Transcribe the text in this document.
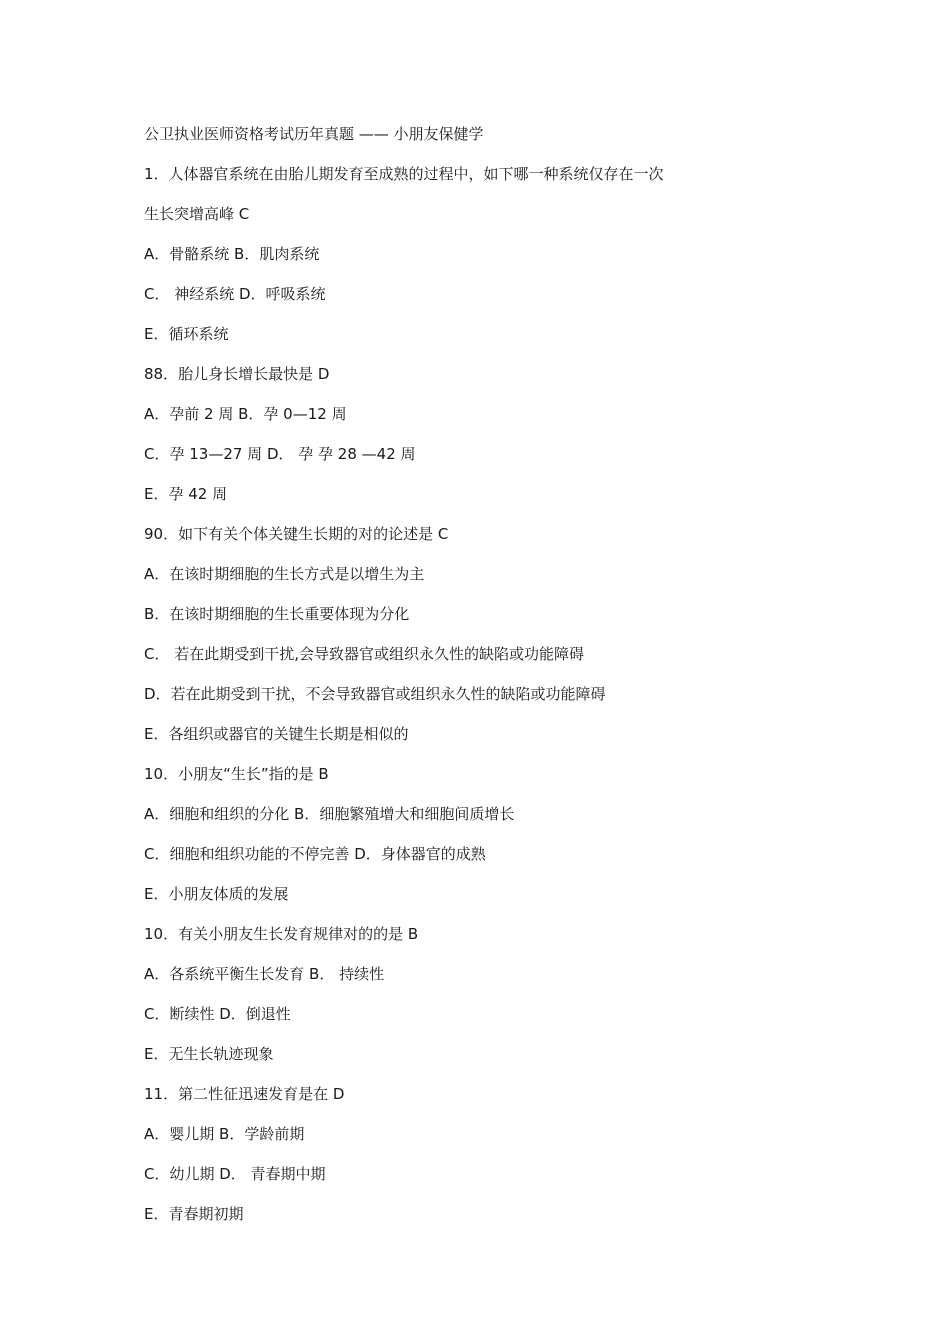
公卫执业医师资格考试历年真题 —— 小朋友保健学
1．人体器官系统在由胎儿期发育至成熟的过程中，如下哪一种系统仅存在一次
生长突增高峰 C
A．骨骼系统 B．肌肉系统
C． 神经系统 D．呼吸系统
E．循环系统
88．胎儿身长增长最快是 D
A．孕前 2 周 B．孕 0—12 周
C．孕 13—27 周 D． 孕 孕 28 —42 周
E．孕 42 周
90．如下有关个体关键生长期的对的论述是 C
A．在该时期细胞的生长方式是以增生为主
B．在该时期细胞的生长重要体现为分化
C． 若在此期受到干扰,会导致器官或组织永久性的缺陷或功能障碍
D．若在此期受到干扰，不会导致器官或组织永久性的缺陷或功能障碍
E．各组织或器官的关键生长期是相似的
10．小朋友“生长”指的是 B
A．细胞和组织的分化 B．细胞繁殖增大和细胞间质增长
C．细胞和组织功能的不停完善 D．身体器官的成熟
E．小朋友体质的发展
10．有关小朋友生长发育规律对的的是 B
A．各系统平衡生长发育 B． 持续性
C．断续性 D．倒退性
E．无生长轨迹现象
11．第二性征迅速发育是在 D
A．婴儿期 B．学龄前期
C．幼儿期 D． 青春期中期
E．青春期初期
